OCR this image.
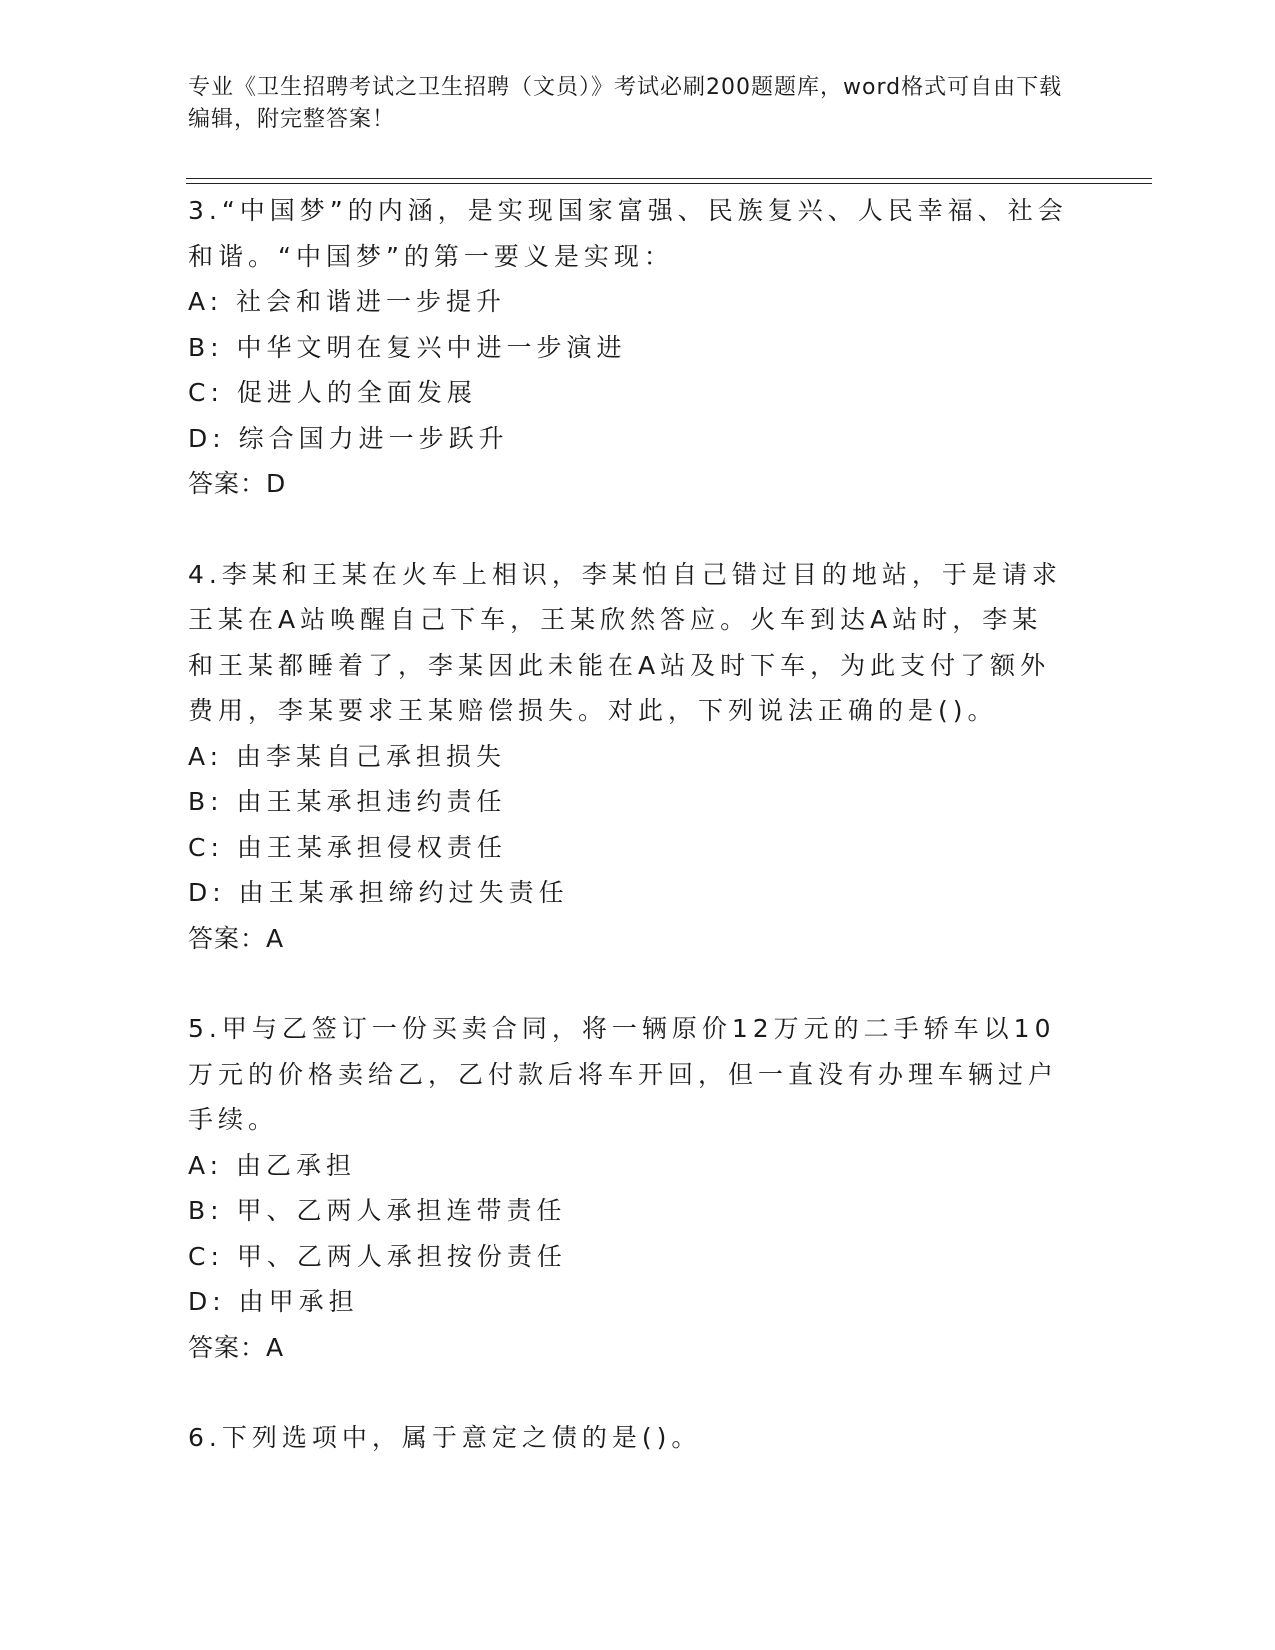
专业《卫生招聘考试之卫生招聘（文员）》考试必刷200题题库，word格式可自由下载编辑，附完整答案！

3.“中国梦”的内涵，是实现国家富强、民族复兴、人民幸福、社会和谐。“中国梦”的第一要义是实现：

A: 社会和谐进一步提升

B: 中华文明在复兴中进一步演进

C: 促进人的全面发展

D: 综合国力进一步跃升

答案：D

4.李某和王某在火车上相识，李某怕自己错过目的地站，于是请求王某在A站唤醒自己下车，王某欣然答应。火车到达A站时，李某和王某都睡着了，李某因此未能在A站及时下车，为此支付了额外费用，李某要求王某赔偿损失。对此，下列说法正确的是()。

A: 由李某自己承担损失

B: 由王某承担违约责任

C: 由王某承担侵权责任

D: 由王某承担缔约过失责任

答案：A

5.甲与乙签订一份买卖合同，将一辆原价12万元的二手轿车以10万元的价格卖给乙，乙付款后将车开回，但一直没有办理车辆过户手续。

A: 由乙承担

B: 甲、乙两人承担连带责任

C: 甲、乙两人承担按份责任

D: 由甲承担

答案：A

6.下列选项中，属于意定之债的是()。
